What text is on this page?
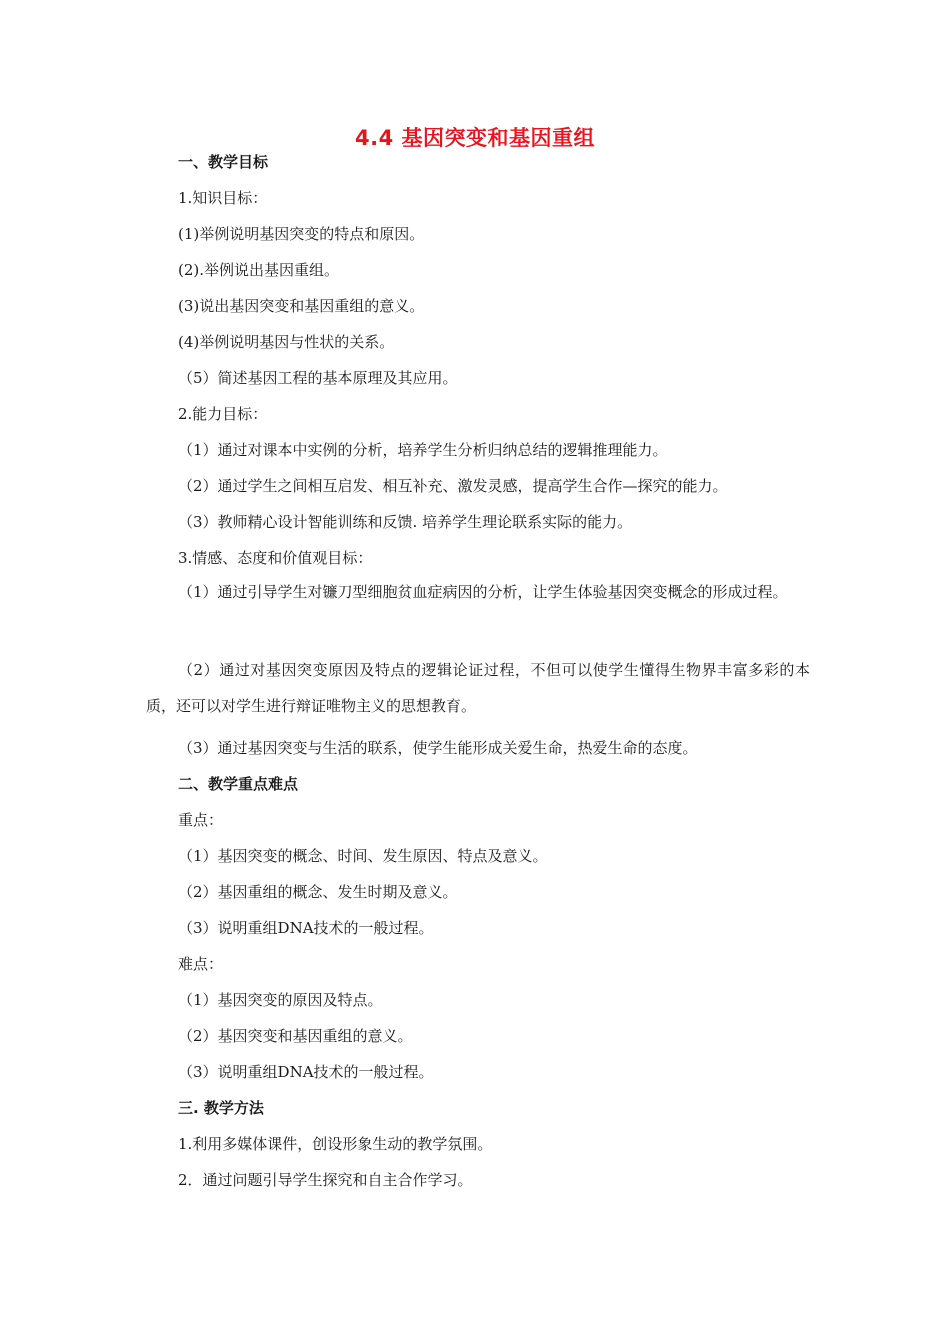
4.4 基因突变和基因重组
一、教学目标
1.知识目标：
(1)举例说明基因突变的特点和原因。
(2).举例说出基因重组。
(3)说出基因突变和基因重组的意义。
(4)举例说明基因与性状的关系。
（5）简述基因工程的基本原理及其应用。
2.能力目标：
（1）通过对课本中实例的分析，培养学生分析归纳总结的逻辑推理能力。
（2）通过学生之间相互启发、相互补充、激发灵感，提高学生合作—探究的能力。
（3）教师精心设计智能训练和反馈. 培养学生理论联系实际的能力。
3.情感、态度和价值观目标：
（1）通过引导学生对镰刀型细胞贫血症病因的分析，让学生体验基因突变概念的形成过程。
（2）通过对基因突变原因及特点的逻辑论证过程，不但可以使学生懂得生物界丰富多彩的本质，还可以对学生进行辩证唯物主义的思想教育。
（3）通过基因突变与生活的联系，使学生能形成关爱生命，热爱生命的态度。
二、教学重点难点
重点：
（1）基因突变的概念、时间、发生原因、特点及意义。
（2）基因重组的概念、发生时期及意义。
（3）说明重组DNA技术的一般过程。
难点：
（1）基因突变的原因及特点。
（2）基因突变和基因重组的意义。
（3）说明重组DNA技术的一般过程。
三. 教学方法
1.利用多媒体课件，创设形象生动的教学氛围。
2．通过问题引导学生探究和自主合作学习。
